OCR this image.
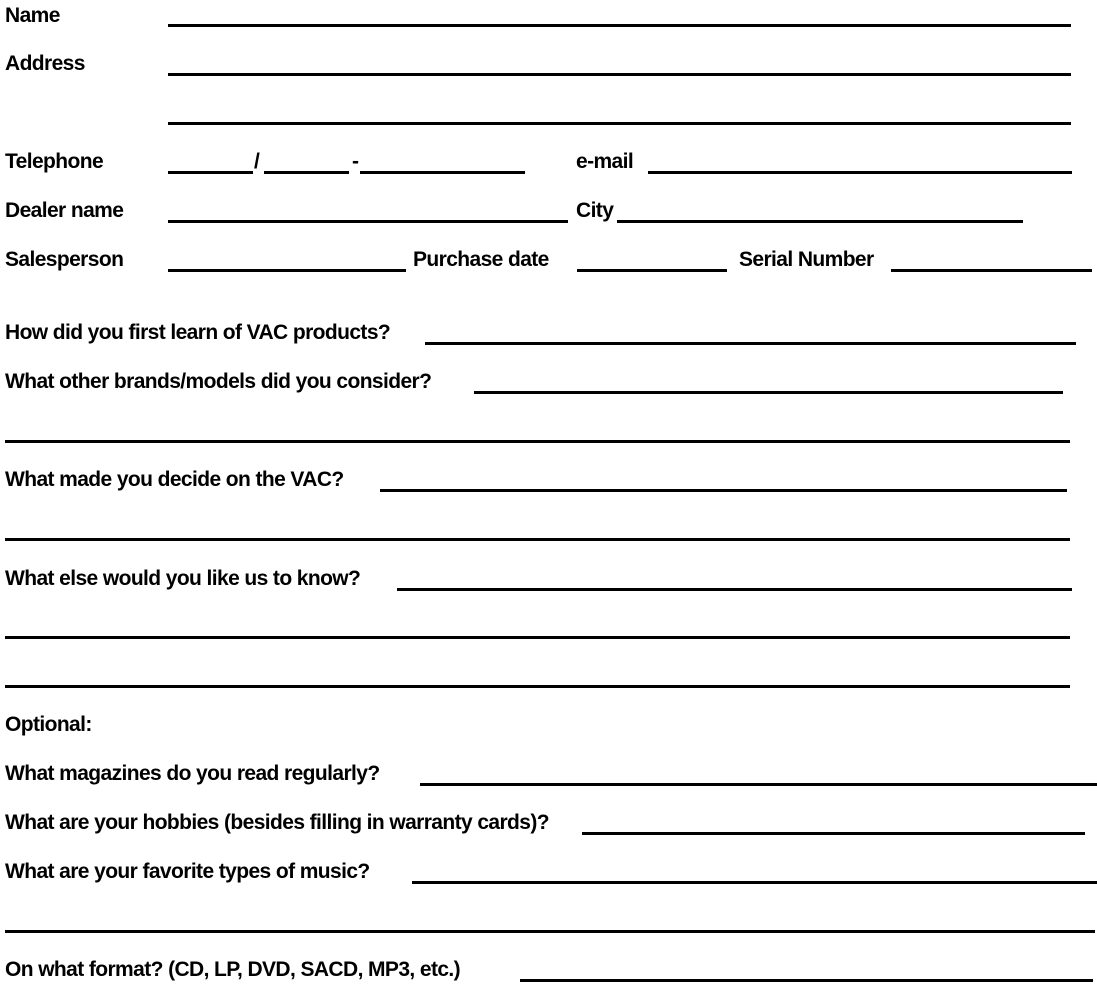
Name
Address
Telephone	/	-	e-mail
Dealer name	City
Salesperson	Purchase date	Serial Number
How did you first learn of VAC products?
What other brands/models did you consider?
What made you decide on the VAC?
What else would you like us to know?
Optional:
What magazines do you read regularly?
What are your hobbies (besides filling in warranty cards)?
What are your favorite types of music?
On what format? (CD, LP, DVD, SACD, MP3, etc.)
